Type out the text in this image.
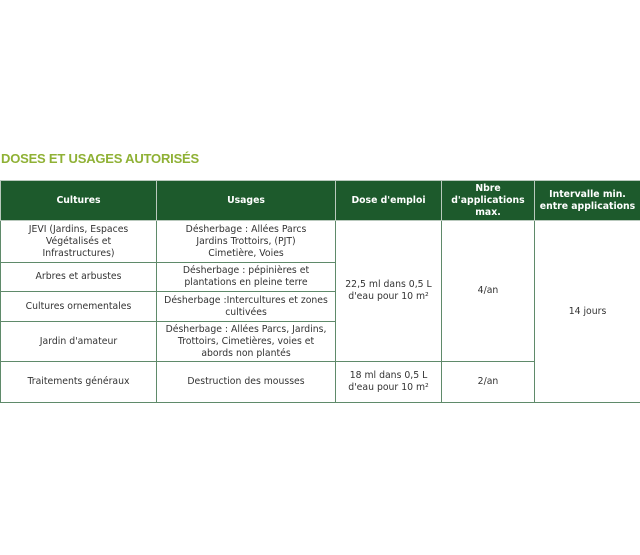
DOSES ET USAGES AUTORISÉS
Cultures	Usages	Dose d'emploi	Nbre d'applications max.	Intervalle min. entre applications
JEVI (Jardins, Espaces Végétalisés et Infrastructures)	Désherbage : Allées Parcs Jardins Trottoirs, (PJT) Cimetière, Voies	22,5 ml dans 0,5 L d'eau pour 10 m²	4/an	14 jours
Arbres et arbustes	Désherbage : pépinières et plantations en pleine terre			
Cultures ornementales	Désherbage :Intercultures et zones cultivées			
Jardin d'amateur	Désherbage : Allées Parcs, Jardins, Trottoirs, Cimetières, voies et abords non plantés			
Traitements généraux	Destruction des mousses	18 ml dans 0,5 L d'eau pour 10 m²	2/an	
